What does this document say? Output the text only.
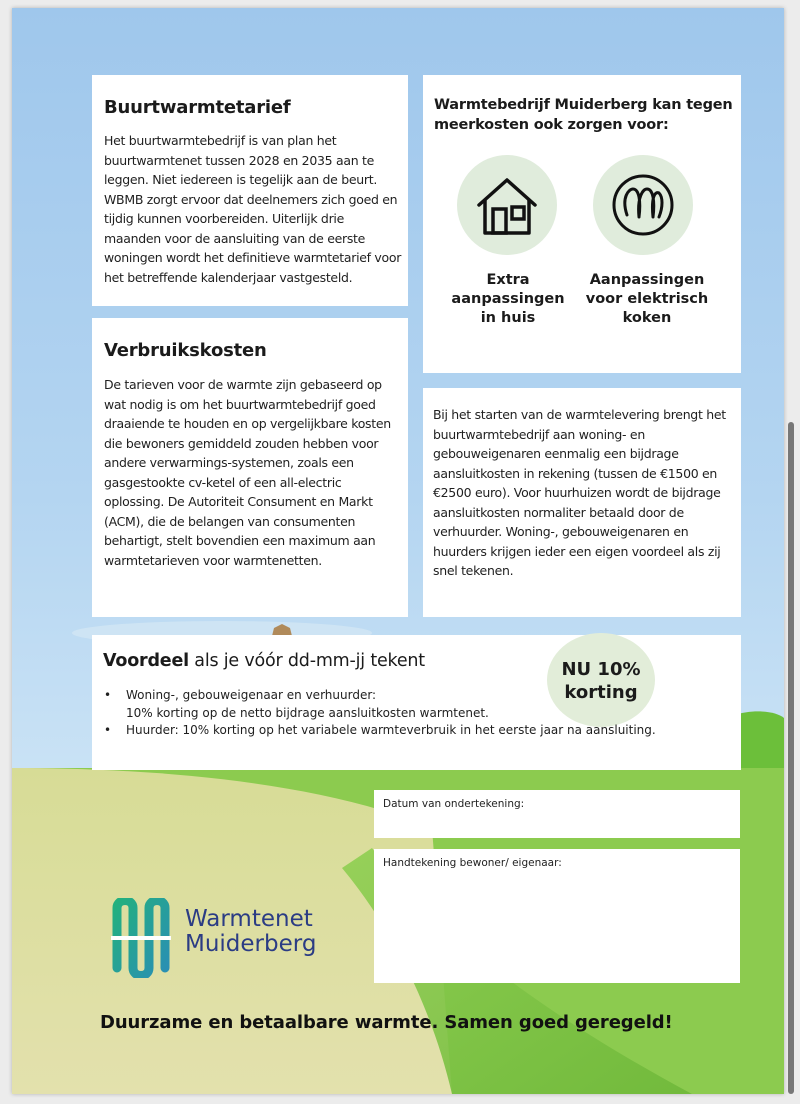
Buurtwarmtetarief

Het buurtwarmtebedrijf is van plan het buurtwarmtenet tussen 2028 en 2035 aan te leggen. Niet iedereen is tegelijk aan de beurt. WBMB zorgt ervoor dat deelnemers zich goed en tijdig kunnen voorbereiden. Uiterlijk drie maanden voor de aansluiting van de eerste woningen wordt het definitieve warmtetarief voor het betreffende kalenderjaar vastgesteld.

Verbruikskosten

De tarieven voor de warmte zijn gebaseerd op wat nodig is om het buurtwarmtebedrijf goed draaiende te houden en op vergelijkbare kosten die bewoners gemiddeld zouden hebben voor andere verwarmings-systemen, zoals een gasgestookte cv-ketel of een all-electric oplossing. De Autoriteit Consument en Markt (ACM), die de belangen van consumenten behartigt, stelt bovendien een maximum aan warmtetarieven voor warmtenetten.

Warmtebedrijf Muiderberg kan tegen meerkosten ook zorgen voor:
Extra aanpassingen in huis
Aanpassingen voor elektrisch koken

Bij het starten van de warmtelevering brengt het buurtwarmtebedrijf aan woning- en gebouweigenaren eenmalig een bijdrage aansluitkosten in rekening (tussen de €1500 en €2500 euro). Voor huurhuizen wordt de bijdrage aansluitkosten normaliter betaald door de verhuurder. Woning-, gebouweigenaren en huurders krijgen ieder een eigen voordeel als zij snel tekenen.

Voordeel als je vóór dd-mm-jj tekent	NU 10%
korting
• Woning-, gebouweigenaar en verhuurder:
10% korting op de netto bijdrage aansluitkosten warmtenet.
• Huurder: 10% korting op het variabele warmteverbruik in het eerste jaar na aansluiting.
Datum van ondertekening:
Handtekening bewoner/ eigenaar:
Warmtenet
Muiderberg
Duurzame en betaalbare warmte. Samen goed geregeld!
